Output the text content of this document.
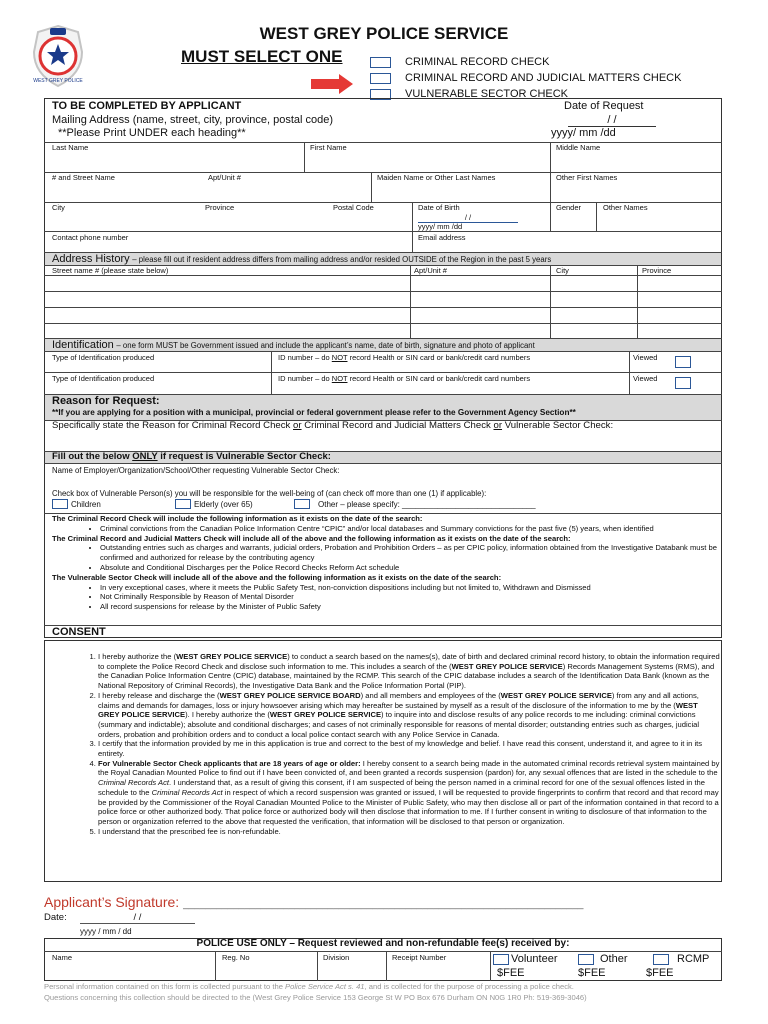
WEST GREY POLICE
WEST GREY POLICE SERVICE
MUST SELECT ONE	CRIMINAL RECORD CHECK
CRIMINAL RECORD AND JUDICIAL MATTERS CHECK
VULNERABLE SECTOR CHECK
TO BE COMPLETED BY APPLICANT
Mailing Address (name, street, city, province, postal code)
**Please Print UNDER each heading**
Date of Request
/ /
yyyy/ mm /dd
Last Name	First Name	Middle Name
# and Street Name	Apt/Unit #	Maiden Name or Other Last Names	Other First Names
City	Province	Postal Code	Date of Birth
/ /
yyyy/ mm /dd
Gender	Other Names
Contact phone number	Email address
Address History – please fill out if resident address differs from mailing address and/or resided OUTSIDE of the Region in the past 5 years
Street name # (please state below)	Apt/Unit #	City	Province
Identification – one form MUST be Government issued and include the applicant’s name, date of birth, signature and photo of applicant
Type of Identification produced	ID number – do NOT record Health or SIN card or bank/credit card numbers	Viewed
Type of Identification produced	ID number – do NOT record Health or SIN card or bank/credit card numbers	Viewed
Reason for Request:
**If you are applying for a position with a municipal, provincial or federal government please refer to the Government Agency Section**
Specifically state the Reason for Criminal Record Check or Criminal Record and Judicial Matters Check or Vulnerable Sector Check:
Fill out the below ONLY if request is Vulnerable Sector Check:
Name of Employer/Organization/School/Other requesting Vulnerable Sector Check:
Check box of Vulnerable Person(s) you will be responsible for the well-being of (can check off more than one (1) if applicable):
Children	Elderly (over 65)	Other – please specify: ______________________________
The Criminal Record Check will include the following information as it exists on the date of the search:
• Criminal convictions from the Canadian Police Information Centre “CPIC” and/or local databases and Summary convictions for the past five (5) years, when identified
The Criminal Record and Judicial Matters Check will include all of the above and the following information as it exists on the date of the search:
• Outstanding entries such as charges and warrants, judicial orders, Probation and Prohibition Orders – as per CPIC policy, information obtained from the Investigative Databank must be confirmed and authorized for release by the contributing agency
• Absolute and Conditional Discharges per the Police Record Checks Reform Act schedule
The Vulnerable Sector Check will include all of the above and the following information as it exists on the date of the search:
• In very exceptional cases, where it meets the Public Safety Test, non-conviction dispositions including but not limited to, Withdrawn and Dismissed
• Not Criminally Responsible by Reason of Mental Disorder
• All record suspensions for release by the Minister of Public Safety
CONSENT
1. I hereby authorize the (WEST GREY POLICE SERVICE) to conduct a search based on the names(s), date of birth and declared criminal record history, to obtain the information required to complete the Police Record Check and disclose such information to me. This includes a search of the (WEST GREY POLICE SERVICE) Records Management Systems (RMS), and the Canadian Police Information Centre (CPIC) database, maintained by the RCMP. This search of the CPIC database includes a search of the Identification Data Bank (known as the National Repository of Criminal Records), the Investigative Data Bank and the Police Information Portal (PIP).
2. I hereby release and discharge the (WEST GREY POLICE SERVICE BOARD) and all members and employees of the (WEST GREY POLICE SERVICE) from any and all actions, claims and demands for damages, loss or injury howsoever arising which may hereafter be sustained by myself as a result of the disclosure of the information to me by the (WEST GREY POLICE SERVICE). I hereby authorize the (WEST GREY POLICE SERVICE) to inquire into and disclose results of any police records to me including: criminal convictions (summary and indictable); absolute and conditional discharges; and cases of not criminally responsible for reasons of mental disorder; outstanding entries such as charges, judicial orders, probation and prohibition orders and to conduct a local police contact search with any Police Service in Canada.
3. I certify that the information provided by me in this application is true and correct to the best of my knowledge and belief. I have read this consent, understand it, and agree to it in its entirety.
4. For Vulnerable Sector Check applicants that are 18 years of age or older: I hereby consent to a search being made in the automated criminal records retrieval system maintained by the Royal Canadian Mounted Police to find out if I have been convicted of, and been granted a records suspension (pardon) for, any sexual offences that are listed in the schedule to the Criminal Records Act. I understand that, as a result of giving this consent, if I am suspected of being the person named in a criminal record for one of the sexual offences listed in the schedule to the Criminal Records Act in respect of which a record suspension was granted or issued, I will be requested to provide fingerprints to confirm that record and that record may be provided by the Commissioner of the Royal Canadian Mounted Police to the Minister of Public Safety, who may then disclose all or part of the information contained in that record to a police force or other authorized body. That police force or authorized body will then disclose that information to me. If I further consent in writing to disclosure of that information to the person or organization referred to the above that requested the verification, that information will be disclosed to that person or organization.
5. I understand that the prescribed fee is non-refundable.
Applicant’s Signature: ________________________________________________________________________
Date:	/ /
yyyy / mm / dd
POLICE USE ONLY – Request reviewed and non-refundable fee(s) received by:
Name	Reg. No	Division	Receipt Number	Volunteer	Other	RCMP
$FEE	$FEE	$FEE
Personal information contained on this form is collected pursuant to the Police Service Act s. 41, and is collected for the purpose of processing a police check.
Questions concerning this collection should be directed to the (West Grey Police Service 153 George St W PO Box 676 Durham ON N0G 1R0 Ph: 519-369-3046)
